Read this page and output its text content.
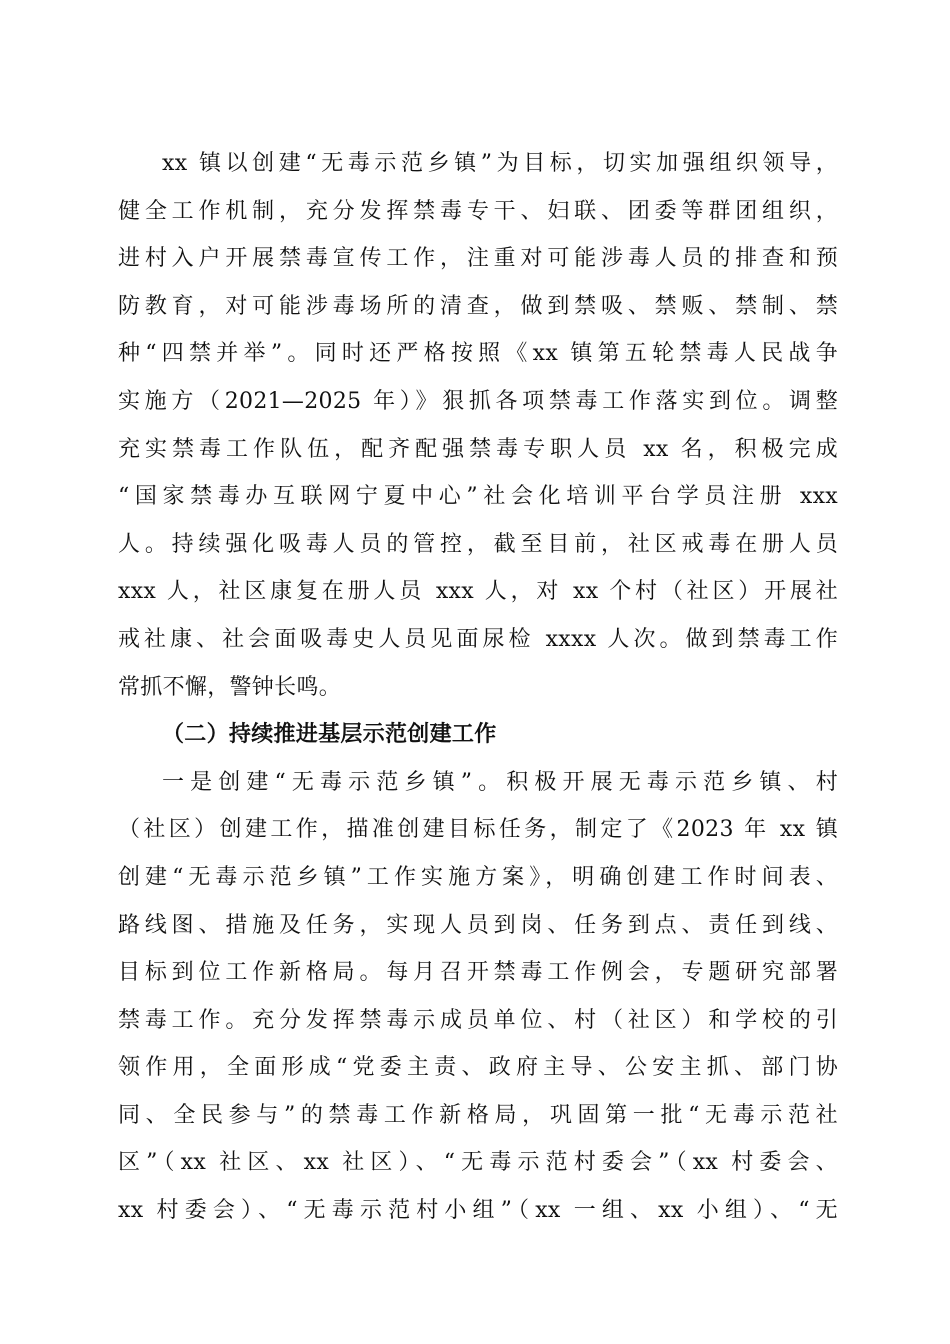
xx 镇以创建“无毒示范乡镇”为目标，切实加强组织领导，
健全工作机制，充分发挥禁毒专干、妇联、团委等群团组织，
进村入户开展禁毒宣传工作，注重对可能涉毒人员的排查和预
防教育，对可能涉毒场所的清查，做到禁吸、禁贩、禁制、禁
种“四禁并举”。同时还严格按照《xx 镇第五轮禁毒人民战争
实施方（2021—2025 年）》狠抓各项禁毒工作落实到位。调整
充实禁毒工作队伍，配齐配强禁毒专职人员 xx 名，积极完成
“国家禁毒办互联网宁夏中心”社会化培训平台学员注册 xxx
人。持续强化吸毒人员的管控，截至目前，社区戒毒在册人员
xxx 人，社区康复在册人员 xxx 人，对 xx 个村（社区）开展社
戒社康、社会面吸毒史人员见面尿检 xxxx 人次。做到禁毒工作
常抓不懈，警钟长鸣。
（二）持续推进基层示范创建工作
一是创建“无毒示范乡镇”。积极开展无毒示范乡镇、村
（社区）创建工作，描准创建目标任务，制定了《2023 年 xx 镇
创建“无毒示范乡镇”工作实施方案》，明确创建工作时间表、
路线图、措施及任务，实现人员到岗、任务到点、责任到线、
目标到位工作新格局。每月召开禁毒工作例会，专题研究部署
禁毒工作。充分发挥禁毒示成员单位、村（社区）和学校的引
领作用，全面形成“党委主责、政府主导、公安主抓、部门协
同、全民参与”的禁毒工作新格局，巩固第一批“无毒示范社
区”（xx 社区、xx 社区）、“无毒示范村委会”（xx 村委会、
xx 村委会）、“无毒示范村小组”（xx 一组、xx 小组）、“无
